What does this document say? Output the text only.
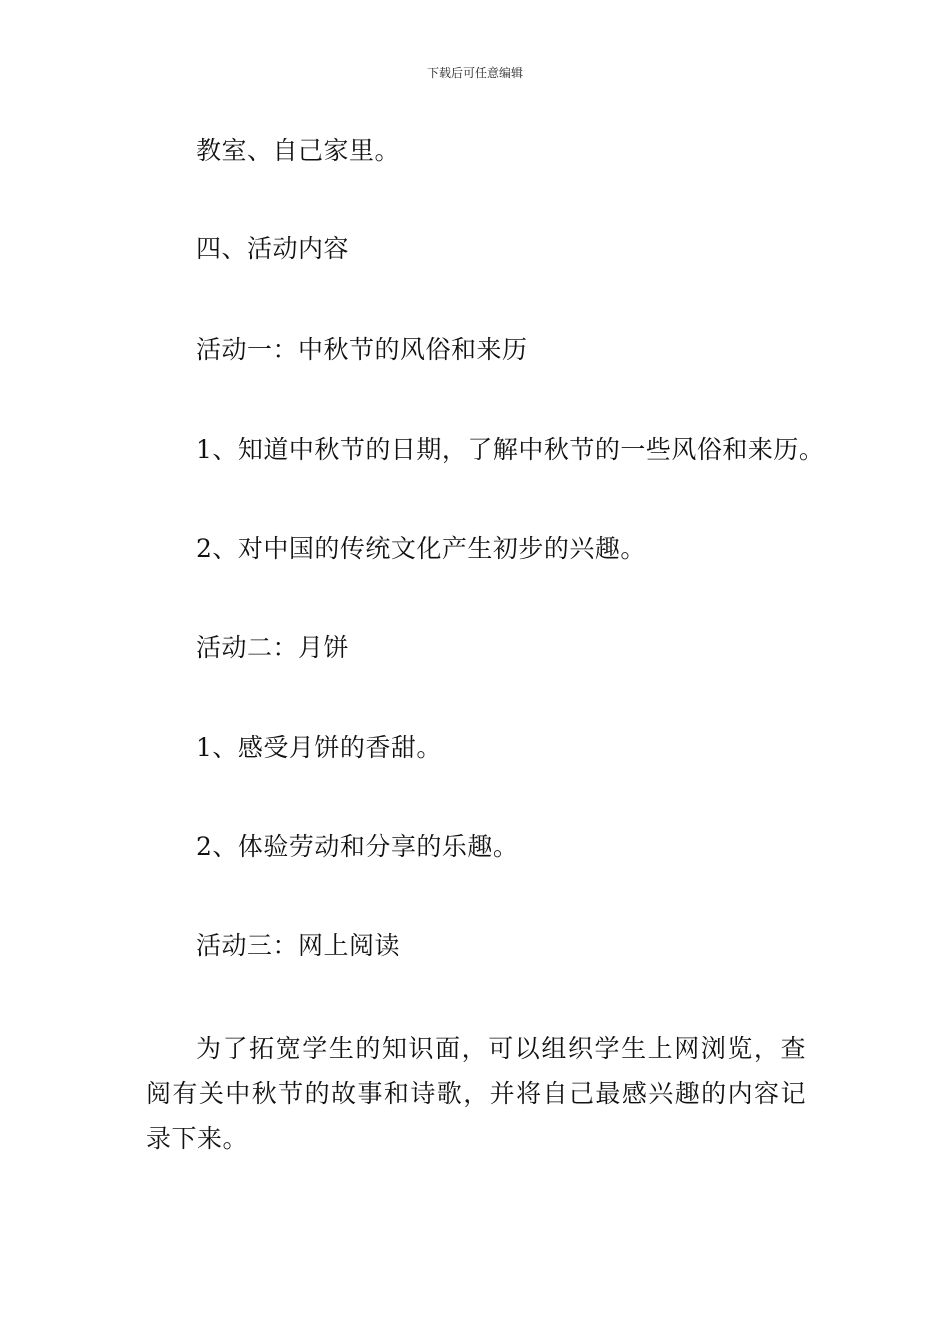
下载后可任意编辑
教室、自己家里。
四、活动内容
活动一：中秋节的风俗和来历
1、知道中秋节的日期，了解中秋节的一些风俗和来历。
2、对中国的传统文化产生初步的兴趣。
活动二：月饼
1、感受月饼的香甜。
2、体验劳动和分享的乐趣。
活动三：网上阅读
为了拓宽学生的知识面，可以组织学生上网浏览，查阅有关中秋节的故事和诗歌，并将自己最感兴趣的内容记录下来。
